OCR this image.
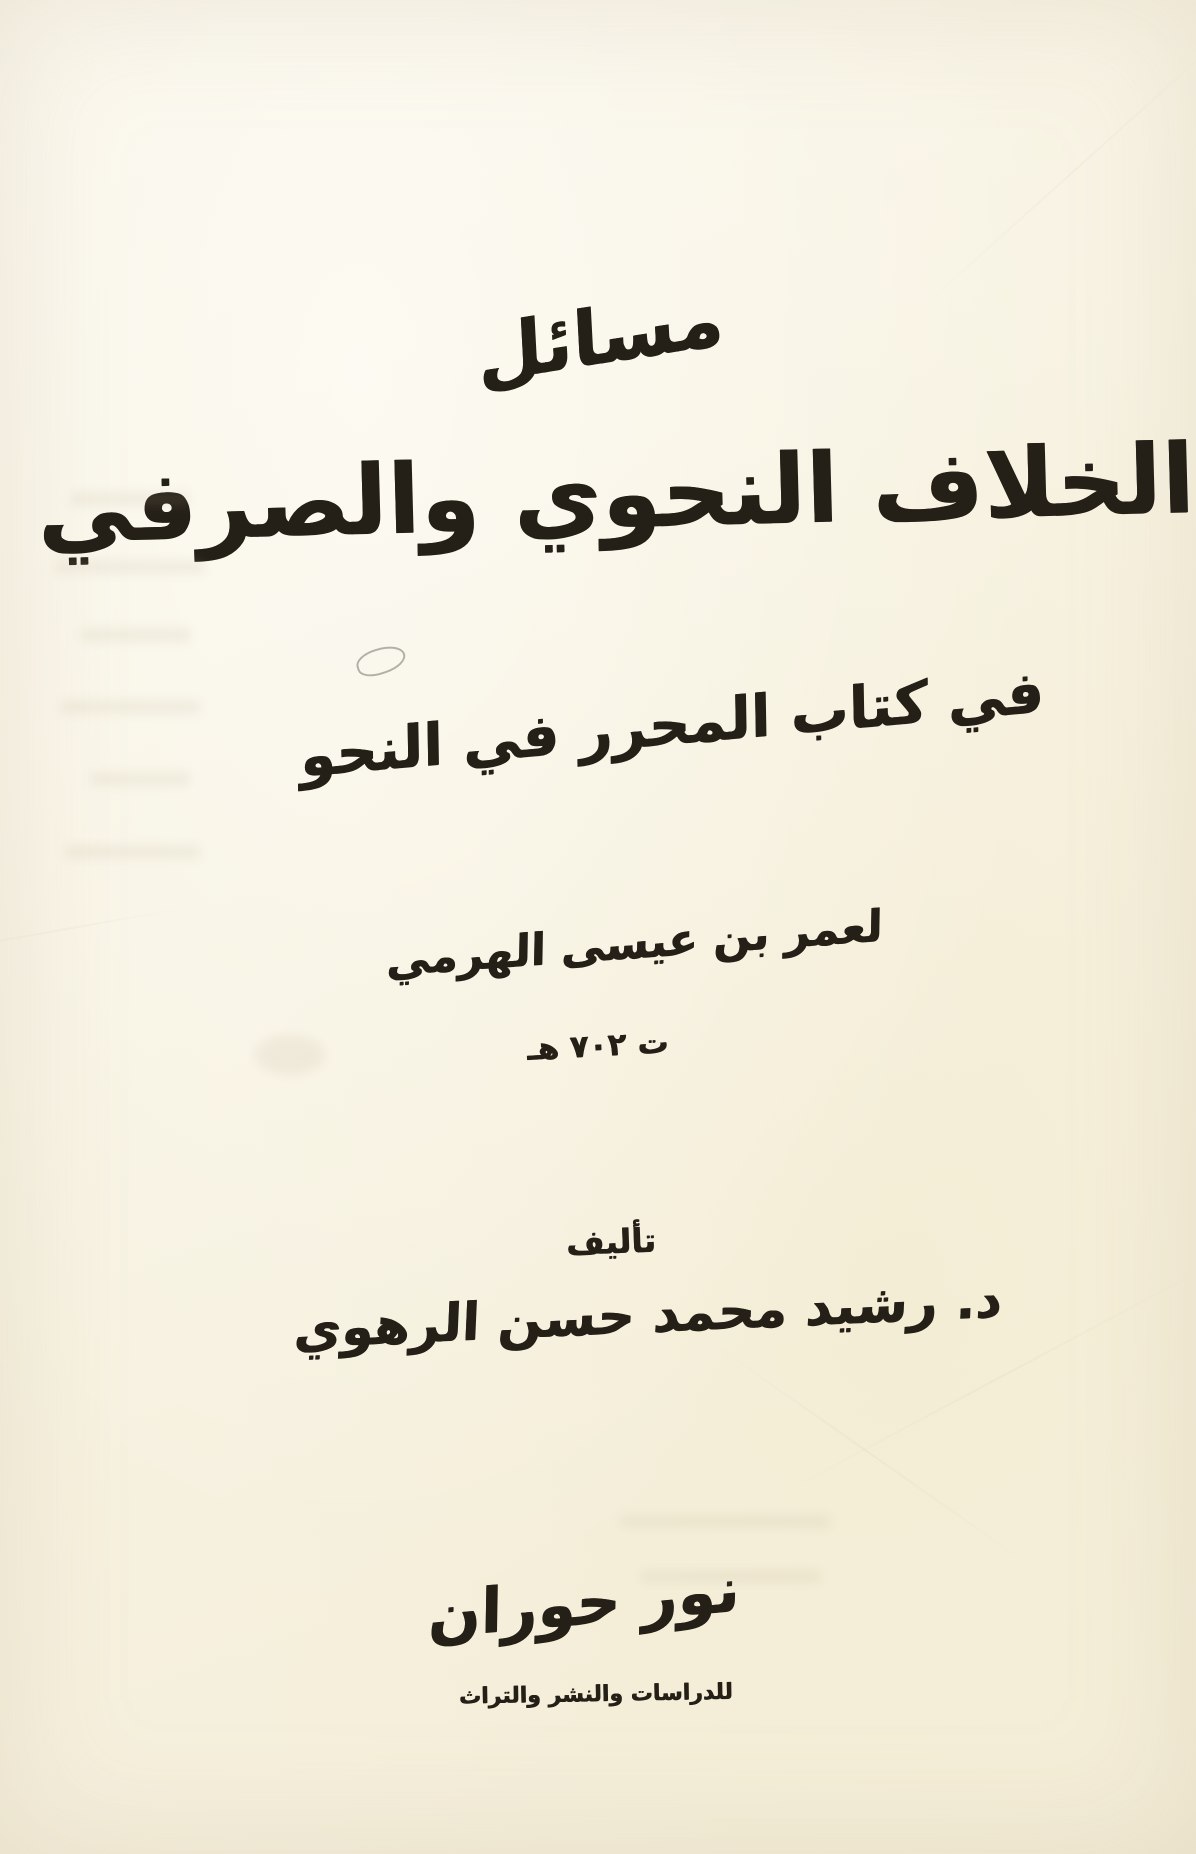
مسائل
الخلاف النحوي والصرفي
في كتاب المحرر في النحو
لعمر بن عيسى الهرمي
ت ٧٠٢ هـ
تأليف
د. رشيد محمد حسن الرهوي
نور حوران
للدراسات والنشر والتراث
